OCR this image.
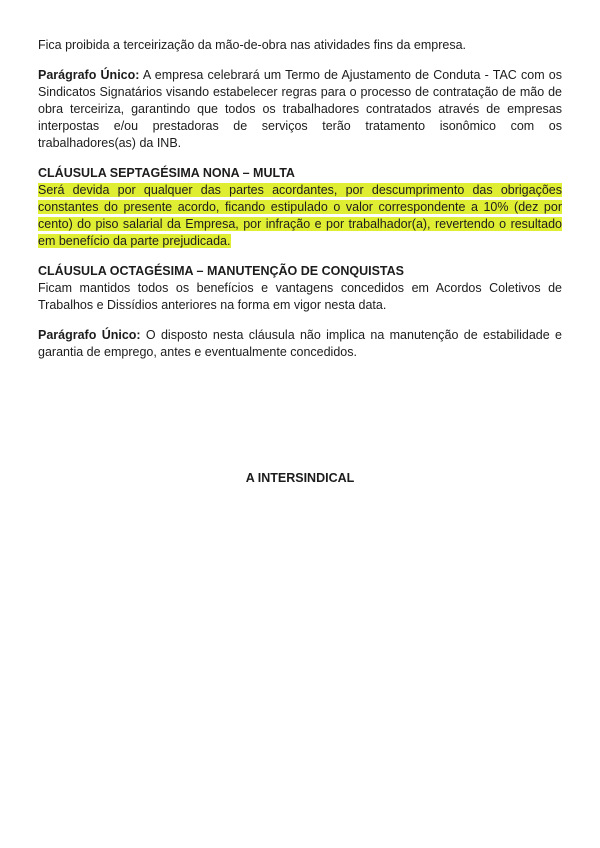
Fica proibida a terceirização da mão-de-obra nas atividades fins da empresa.

Parágrafo Único: A empresa celebrará um Termo de Ajustamento de Conduta - TAC com os Sindicatos Signatários visando estabelecer regras para o processo de contratação de mão de obra terceiriza, garantindo que todos os trabalhadores contratados através de empresas interpostas e/ou prestadoras de serviços terão tratamento isonômico com os trabalhadores(as) da INB.

CLÁUSULA SEPTAGÉSIMA NONA – MULTA

Será devida por qualquer das partes acordantes, por descumprimento das obrigações constantes do presente acordo, ficando estipulado o valor correspondente a 10% (dez por cento) do piso salarial da Empresa, por infração e por trabalhador(a), revertendo o resultado em benefício da parte prejudicada.

CLÁUSULA OCTAGÉSIMA – MANUTENÇÃO DE CONQUISTAS

Ficam mantidos todos os benefícios e vantagens concedidos em Acordos Coletivos de Trabalhos e Dissídios anteriores na forma em vigor nesta data.

Parágrafo Único: O disposto nesta cláusula não implica na manutenção de estabilidade e garantia de emprego, antes e eventualmente concedidos.

A INTERSINDICAL
